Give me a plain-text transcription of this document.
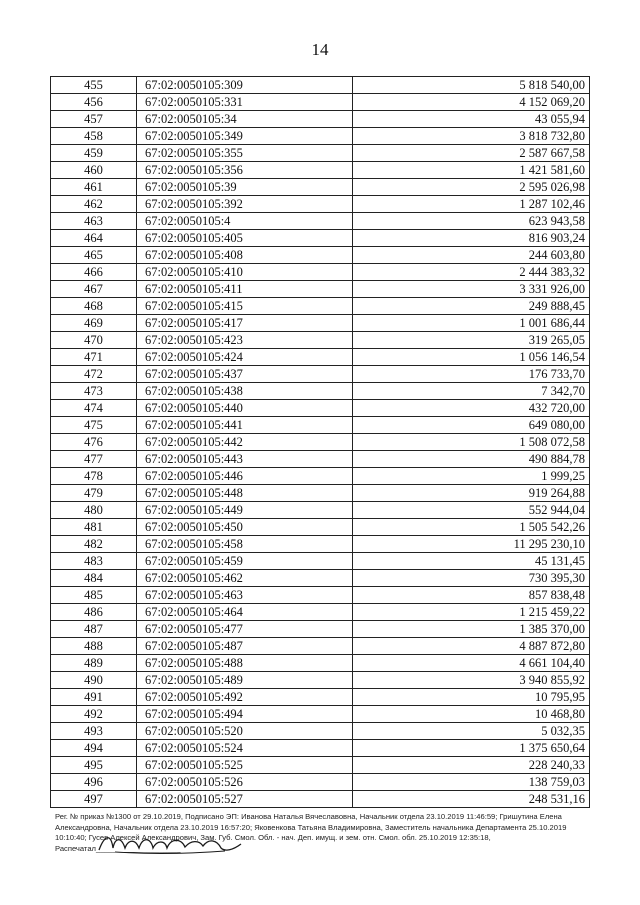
14
455	67:02:0050105:309	5 818 540,00
456	67:02:0050105:331	4 152 069,20
457	67:02:0050105:34	43 055,94
458	67:02:0050105:349	3 818 732,80
459	67:02:0050105:355	2 587 667,58
460	67:02:0050105:356	1 421 581,60
461	67:02:0050105:39	2 595 026,98
462	67:02:0050105:392	1 287 102,46
463	67:02:0050105:4	623 943,58
464	67:02:0050105:405	816 903,24
465	67:02:0050105:408	244 603,80
466	67:02:0050105:410	2 444 383,32
467	67:02:0050105:411	3 331 926,00
468	67:02:0050105:415	249 888,45
469	67:02:0050105:417	1 001 686,44
470	67:02:0050105:423	319 265,05
471	67:02:0050105:424	1 056 146,54
472	67:02:0050105:437	176 733,70
473	67:02:0050105:438	7 342,70
474	67:02:0050105:440	432 720,00
475	67:02:0050105:441	649 080,00
476	67:02:0050105:442	1 508 072,58
477	67:02:0050105:443	490 884,78
478	67:02:0050105:446	1 999,25
479	67:02:0050105:448	919 264,88
480	67:02:0050105:449	552 944,04
481	67:02:0050105:450	1 505 542,26
482	67:02:0050105:458	11 295 230,10
483	67:02:0050105:459	45 131,45
484	67:02:0050105:462	730 395,30
485	67:02:0050105:463	857 838,48
486	67:02:0050105:464	1 215 459,22
487	67:02:0050105:477	1 385 370,00
488	67:02:0050105:487	4 887 872,80
489	67:02:0050105:488	4 661 104,40
490	67:02:0050105:489	3 940 855,92
491	67:02:0050105:492	10 795,95
492	67:02:0050105:494	10 468,80
493	67:02:0050105:520	5 032,35
494	67:02:0050105:524	1 375 650,64
495	67:02:0050105:525	228 240,33
496	67:02:0050105:526	138 759,03
497	67:02:0050105:527	248 531,16
Рег. № приказ №1300 от 29.10.2019, Подписано ЭП: Иванова Наталья Вячеславовна, Начальник отдела 23.10.2019 11:46:59; Гришутина Елена
Александровна, Начальник отдела 23.10.2019 16:57:20; Яковенкова Татьяна Владимировна, Заместитель начальника Департамента 25.10.2019
10:10:40; Гусев Алексей Александрович, Зам. Губ. Смол. Обл. - нач. Деп. имущ. и зем. отн. Смол. обл. 25.10.2019 12:35:18,
Распечатал____________________
